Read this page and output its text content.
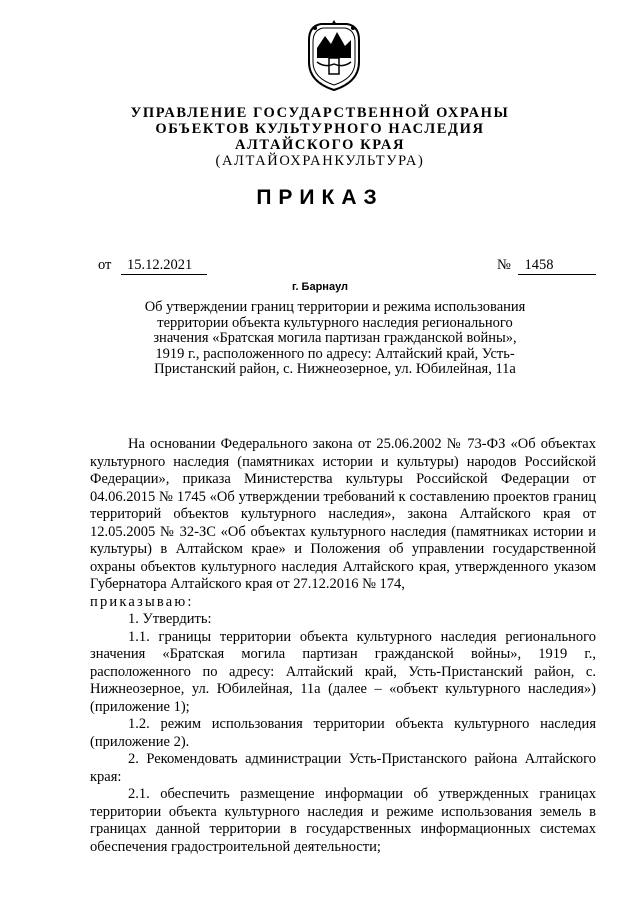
УПРАВЛЕНИЕ ГОСУДАРСТВЕННОЙ ОХРАНЫ
ОБЪЕКТОВ КУЛЬТУРНОГО НАСЛЕДИЯ
АЛТАЙСКОГО КРАЯ
(АЛТАЙОХРАНКУЛЬТУРА)
ПРИКАЗ
от 15.12.2021	№ 1458
г. Барнаул
Об утверждении границ территории и режима использования
территории объекта культурного наследия регионального
значения «Братская могила партизан гражданской войны»,
1919 г., расположенного по адресу: Алтайский край, Усть-
Пристанский район, с. Нижнеозерное, ул. Юбилейная, 11а

На основании Федерального закона от 25.06.2002 № 73-ФЗ «Об объектах культурного наследия (памятниках истории и культуры) народов Российской Федерации», приказа Министерства культуры Российской Федерации от 04.06.2015 № 1745 «Об утверждении требований к составлению проектов границ территорий объектов культурного наследия», закона Алтайского края от 12.05.2005 № 32-ЗС «Об объектах культурного наследия (памятниках истории и культуры) в Алтайском крае» и Положения об управлении государственной охраны объектов культурного наследия Алтайского края, утвержденного указом Губернатора Алтайского края от 27.12.2016 № 174,

приказываю:

1. Утвердить:

1.1. границы территории объекта культурного наследия регионального значения «Братская могила партизан гражданской войны», 1919 г., расположенного по адресу: Алтайский край, Усть-Пристанский район, с. Нижнеозерное, ул. Юбилейная, 11а (далее – «объект культурного наследия») (приложение 1);

1.2. режим использования территории объекта культурного наследия (приложение 2).

2. Рекомендовать администрации Усть-Пристанского района Алтайского края:

2.1. обеспечить размещение информации об утвержденных границах территории объекта культурного наследия и режиме использования земель в границах данной территории в государственных информационных системах обеспечения градостроительной деятельности;
